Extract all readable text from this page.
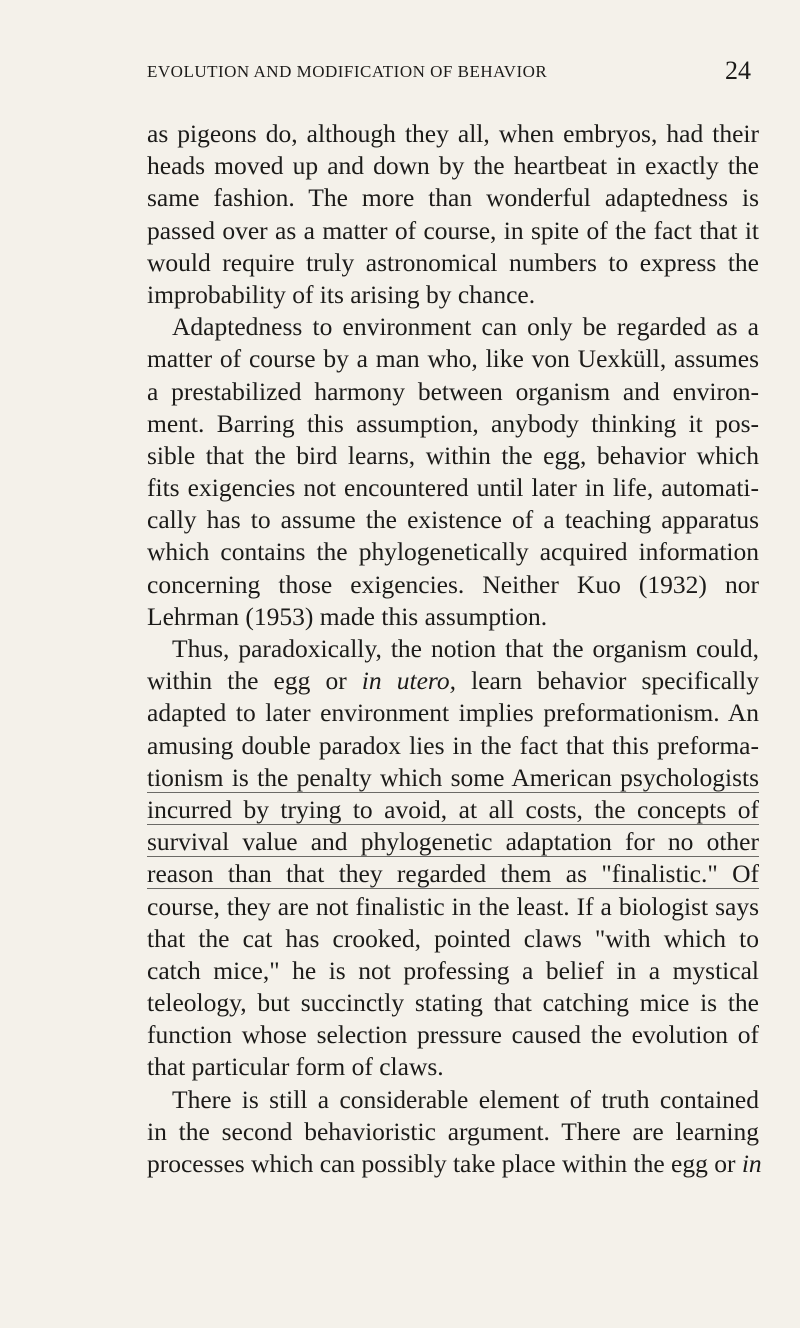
EVOLUTION AND MODIFICATION OF BEHAVIOR	24
as pigeons do, although they all, when embryos, had their
heads moved up and down by the heartbeat in exactly the
same fashion. The more than wonderful adaptedness is
passed over as a matter of course, in spite of the fact that it
would require truly astronomical numbers to express the
improbability of its arising by chance.
Adaptedness to environment can only be regarded as a
matter of course by a man who, like von Uexküll, assumes
a prestabilized harmony between organism and environ-
ment. Barring this assumption, anybody thinking it pos-
sible that the bird learns, within the egg, behavior which
fits exigencies not encountered until later in life, automati-
cally has to assume the existence of a teaching apparatus
which contains the phylogenetically acquired information
concerning those exigencies. Neither Kuo (1932) nor
Lehrman (1953) made this assumption.
Thus, paradoxically, the notion that the organism could,
within the egg or in utero, learn behavior specifically
adapted to later environment implies preformationism. An
amusing double paradox lies in the fact that this preforma-
tionism is the penalty which some American psychologists
incurred by trying to avoid, at all costs, the concepts of
survival value and phylogenetic adaptation for no other
reason than that they regarded them as "finalistic." Of
course, they are not finalistic in the least. If a biologist says
that the cat has crooked, pointed claws "with which to
catch mice," he is not professing a belief in a mystical
teleology, but succinctly stating that catching mice is the
function whose selection pressure caused the evolution of
that particular form of claws.
There is still a considerable element of truth contained
in the second behavioristic argument. There are learning
processes which can possibly take place within the egg or in
